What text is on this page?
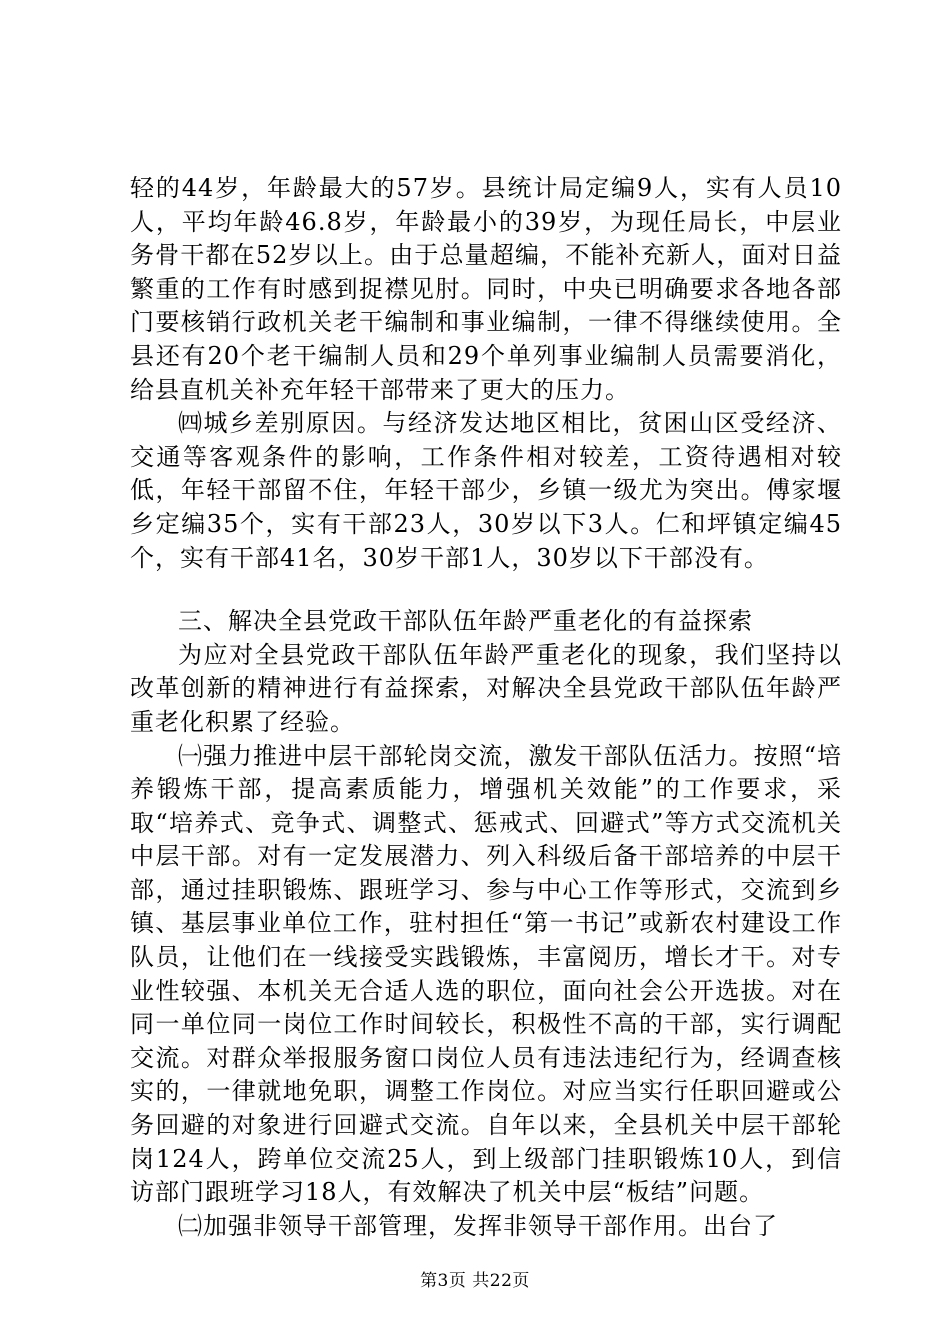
轻的44岁，年龄最大的57岁。县统计局定编9人，实有人员10人，平均年龄46.8岁，年龄最小的39岁，为现任局长，中层业务骨干都在52岁以上。由于总量超编，不能补充新人，面对日益繁重的工作有时感到捉襟见肘。同时，中央已明确要求各地各部门要核销行政机关老干编制和事业编制，一律不得继续使用。全县还有20个老干编制人员和29个单列事业编制人员需要消化，给县直机关补充年轻干部带来了更大的压力。

㈣城乡差别原因。与经济发达地区相比，贫困山区受经济、交通等客观条件的影响，工作条件相对较差，工资待遇相对较低，年轻干部留不住，年轻干部少，乡镇一级尤为突出。傅家堰乡定编35个，实有干部23人，30岁以下3人。仁和坪镇定编45个，实有干部41名，30岁干部1人，30岁以下干部没有。

三、解决全县党政干部队伍年龄严重老化的有益探索

为应对全县党政干部队伍年龄严重老化的现象，我们坚持以改革创新的精神进行有益探索，对解决全县党政干部队伍年龄严重老化积累了经验。

㈠强力推进中层干部轮岗交流，激发干部队伍活力。按照“培养锻炼干部，提高素质能力，增强机关效能”的工作要求，采取“培养式、竞争式、调整式、惩戒式、回避式”等方式交流机关中层干部。对有一定发展潜力、列入科级后备干部培养的中层干部，通过挂职锻炼、跟班学习、参与中心工作等形式，交流到乡镇、基层事业单位工作，驻村担任“第一书记”或新农村建设工作队员，让他们在一线接受实践锻炼，丰富阅历，增长才干。对专业性较强、本机关无合适人选的职位，面向社会公开选拔。对在同一单位同一岗位工作时间较长，积极性不高的干部，实行调配交流。对群众举报服务窗口岗位人员有违法违纪行为，经调查核实的，一律就地免职，调整工作岗位。对应当实行任职回避或公务回避的对象进行回避式交流。自年以来，全县机关中层干部轮岗124人，跨单位交流25人，到上级部门挂职锻炼10人，到信访部门跟班学习18人，有效解决了机关中层“板结”问题。

㈡加强非领导干部管理，发挥非领导干部作用。出台了

第3页 共22页
